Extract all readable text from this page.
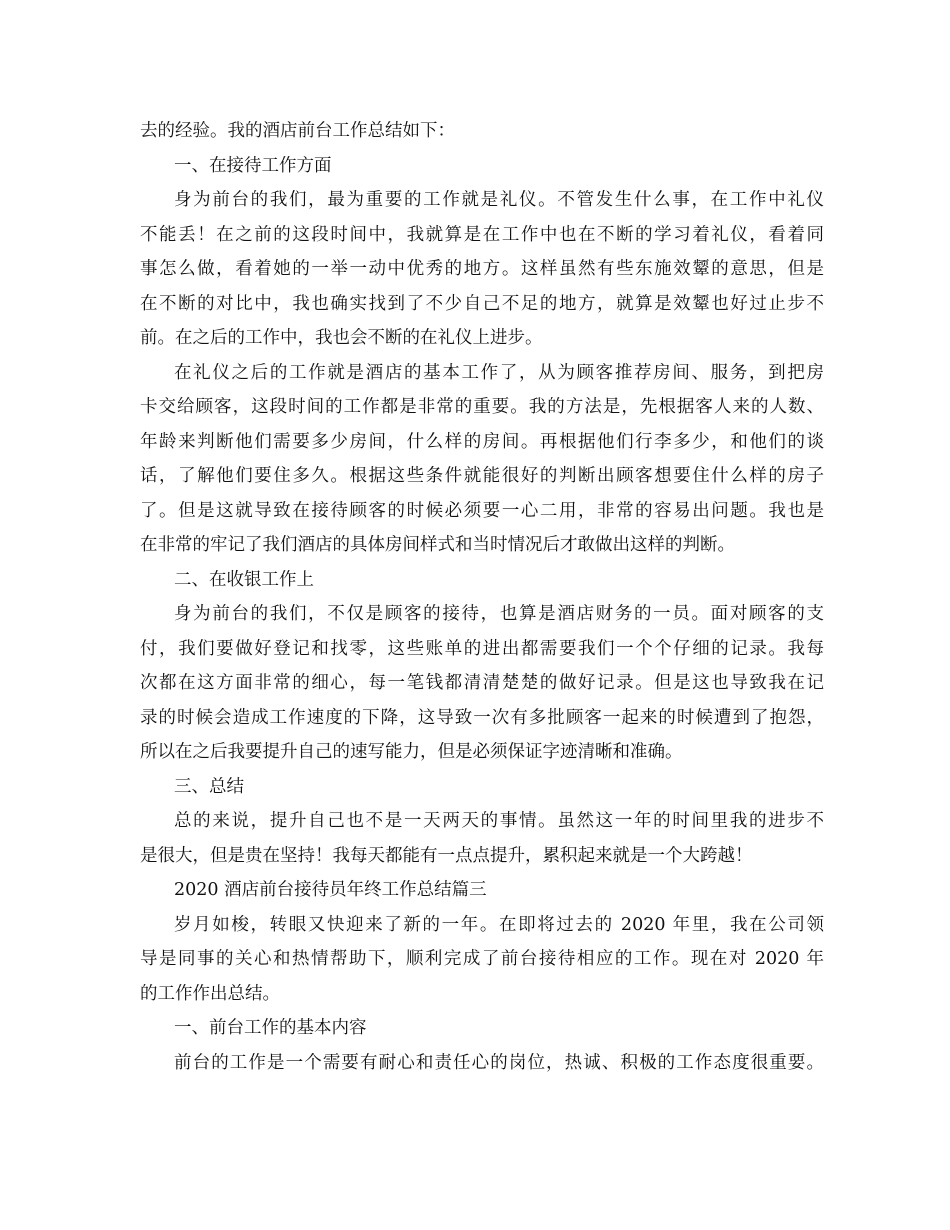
去的经验。我的酒店前台工作总结如下：
一、在接待工作方面
身为前台的我们，最为重要的工作就是礼仪。不管发生什么事，在工作中礼仪
不能丢！在之前的这段时间中，我就算是在工作中也在不断的学习着礼仪，看着同
事怎么做，看着她的一举一动中优秀的地方。这样虽然有些东施效颦的意思，但是
在不断的对比中，我也确实找到了不少自己不足的地方，就算是效颦也好过止步不
前。在之后的工作中，我也会不断的在礼仪上进步。
在礼仪之后的工作就是酒店的基本工作了，从为顾客推荐房间、服务，到把房
卡交给顾客，这段时间的工作都是非常的重要。我的方法是，先根据客人来的人数、
年龄来判断他们需要多少房间，什么样的房间。再根据他们行李多少，和他们的谈
话，了解他们要住多久。根据这些条件就能很好的判断出顾客想要住什么样的房子
了。但是这就导致在接待顾客的时候必须要一心二用，非常的容易出问题。我也是
在非常的牢记了我们酒店的具体房间样式和当时情况后才敢做出这样的判断。
二、在收银工作上
身为前台的我们，不仅是顾客的接待，也算是酒店财务的一员。面对顾客的支
付，我们要做好登记和找零，这些账单的进出都需要我们一个个仔细的记录。我每
次都在这方面非常的细心，每一笔钱都清清楚楚的做好记录。但是这也导致我在记
录的时候会造成工作速度的下降，这导致一次有多批顾客一起来的时候遭到了抱怨，
所以在之后我要提升自己的速写能力，但是必须保证字迹清晰和准确。
三、总结
总的来说，提升自己也不是一天两天的事情。虽然这一年的时间里我的进步不
是很大，但是贵在坚持！我每天都能有一点点提升，累积起来就是一个大跨越！
2020 酒店前台接待员年终工作总结篇三
岁月如梭，转眼又快迎来了新的一年。在即将过去的 2020 年里，我在公司领
导是同事的关心和热情帮助下，顺利完成了前台接待相应的工作。现在对 2020 年
的工作作出总结。
一、前台工作的基本内容
前台的工作是一个需要有耐心和责任心的岗位，热诚、积极的工作态度很重要。
